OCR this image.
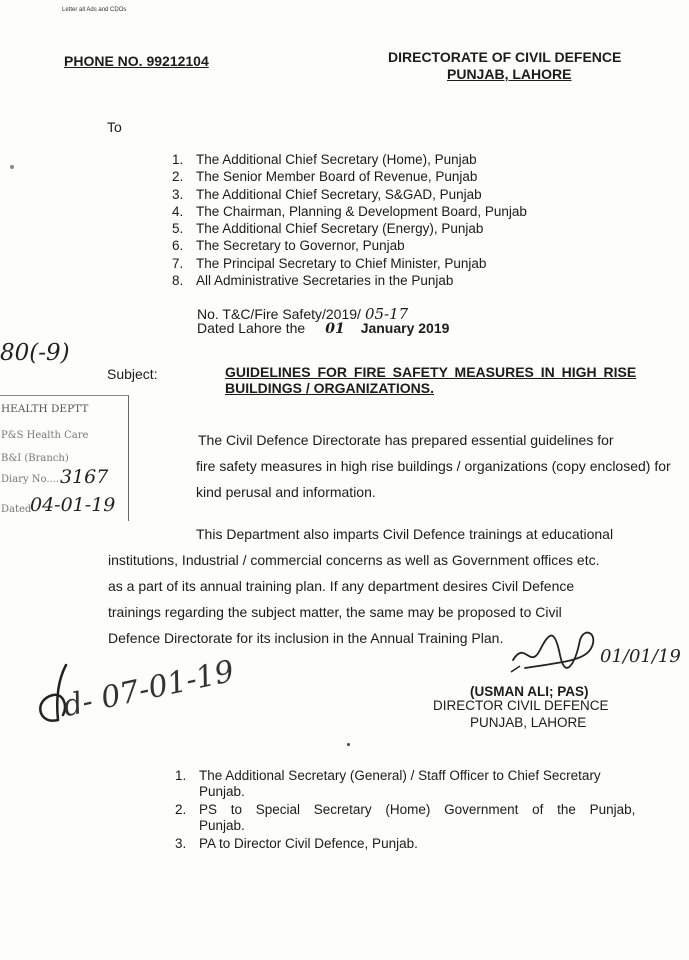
Letter all Ads and CDOs
PHONE NO. 99212104	DIRECTORATE OF CIVIL DEFENCE
PUNJAB, LAHORE
To
1. The Additional Chief Secretary (Home), Punjab
2. The Senior Member Board of Revenue, Punjab
3. The Additional Chief Secretary, S&GAD, Punjab
4. The Chairman, Planning & Development Board, Punjab
5. The Additional Chief Secretary (Energy), Punjab
6. The Secretary to Governor, Punjab
7. The Principal Secretary to Chief Minister, Punjab
8. All Administrative Secretaries in the Punjab
No. T&C/Fire Safety/2019/ 05-17
Dated Lahore the 01 January 2019
Subject:	GUIDELINES FOR FIRE SAFETY MEASURES IN HIGH RISE
BUILDINGS / ORGANIZATIONS.
The Civil Defence Directorate has prepared essential guidelines for
fire safety measures in high rise buildings / organizations (copy enclosed) for
kind perusal and information.
This Department also imparts Civil Defence trainings at educational
institutions, Industrial / commercial concerns as well as Government offices etc.
as a part of its annual training plan. If any department desires Civil Defence
trainings regarding the subject matter, the same may be proposed to Civil
Defence Directorate for its inclusion in the Annual Training Plan.
HEALTH DEPTT
P&S Health Care
B&I (Branch)
Diary No....
Dated
3167
04-01-19
80(-9)
01/01/19
d- 07-01-19	(USMAN ALI; PAS)
DIRECTOR CIVIL DEFENCE
PUNJAB, LAHORE
1. The Additional Secretary (General) / Staff Officer to Chief Secretary
Punjab.
2. PS to Special Secretary (Home) Government of the Punjab,
Punjab.
3. PA to Director Civil Defence, Punjab.
